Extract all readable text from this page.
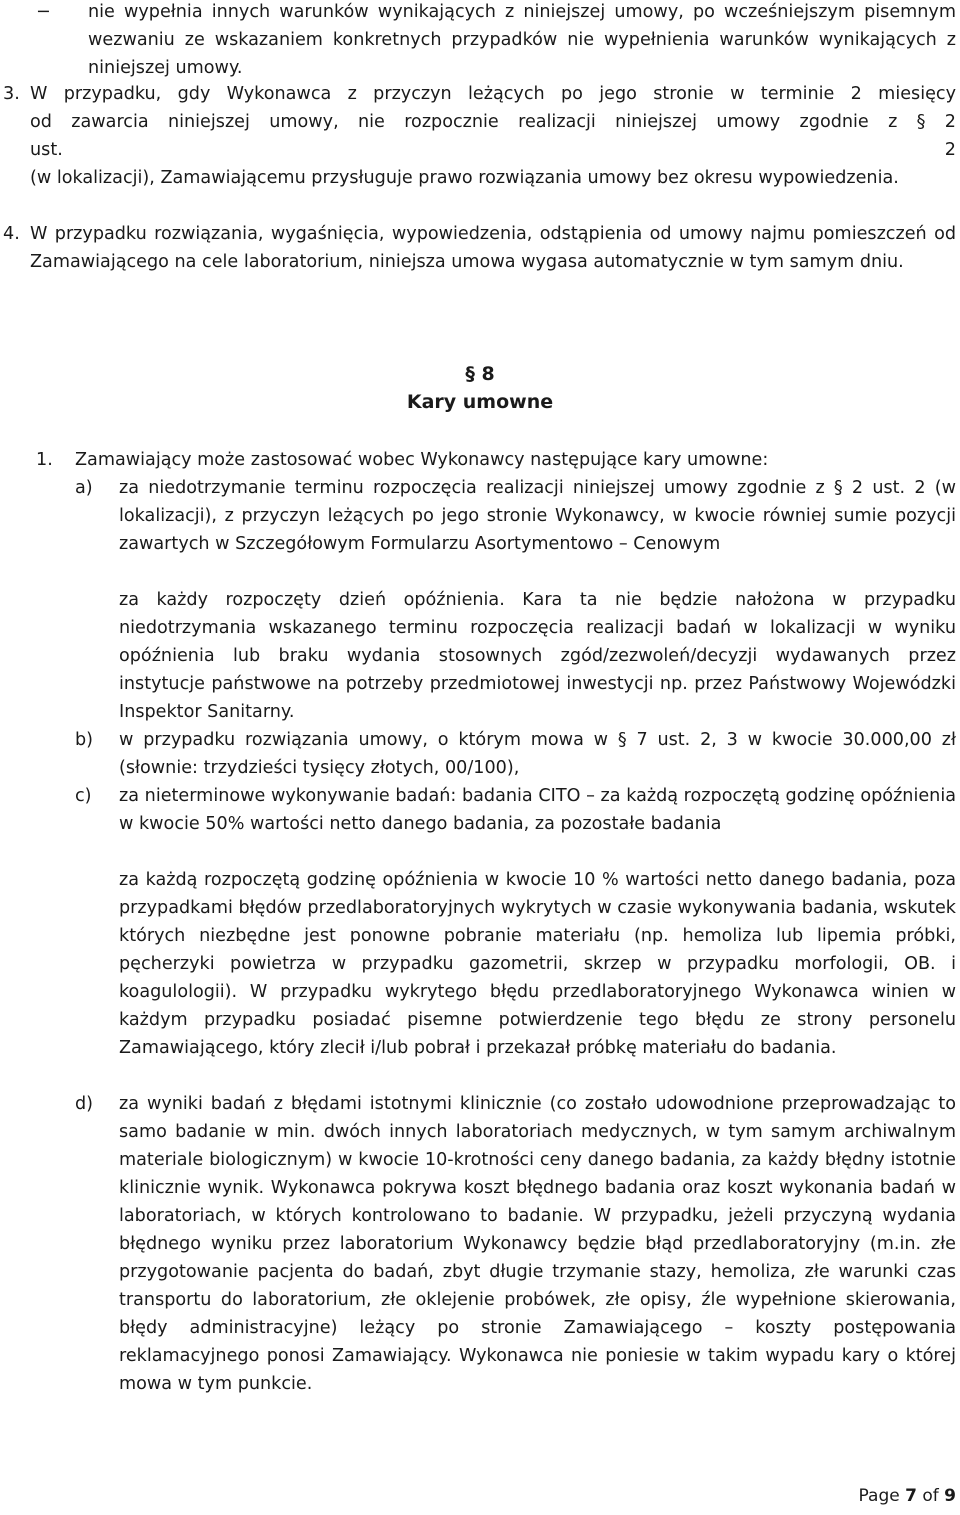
− nie wypełnia innych warunków wynikających z niniejszej umowy, po wcześniejszym pisemnym wezwaniu ze wskazaniem konkretnych przypadków nie wypełnienia warunków wynikających z niniejszej umowy.
3. W przypadku, gdy Wykonawca z przyczyn leżących po jego stronie w terminie 2 miesięcy
od zawarcia niniejszej umowy, nie rozpocznie realizacji niniejszej umowy zgodnie z § 2
ust. 2
(w lokalizacji), Zamawiającemu przysługuje prawo rozwiązania umowy bez okresu wypowiedzenia.
4. W przypadku rozwiązania, wygaśnięcia, wypowiedzenia, odstąpienia od umowy najmu pomieszczeń od Zamawiającego na cele laboratorium, niniejsza umowa wygasa automatycznie w tym samym dniu.
§ 8
Kary umowne
1. Zamawiający może zastosować wobec Wykonawcy następujące kary umowne:
a) za niedotrzymanie terminu rozpoczęcia realizacji niniejszej umowy zgodnie z § 2 ust. 2 (w lokalizacji), z przyczyn leżących po jego stronie Wykonawcy, w kwocie równiej sumie pozycji zawartych w Szczegółowym Formularzu Asortymentowo – Cenowym
za każdy rozpoczęty dzień opóźnienia. Kara ta nie będzie nałożona w przypadku niedotrzymania wskazanego terminu rozpoczęcia realizacji badań w lokalizacji w wyniku opóźnienia lub braku wydania stosownych zgód/zezwoleń/decyzji wydawanych przez instytucje państwowe na potrzeby przedmiotowej inwestycji np. przez Państwowy Wojewódzki Inspektor Sanitarny.
b) w przypadku rozwiązania umowy, o którym mowa w § 7 ust. 2, 3 w kwocie 30.000,00 zł (słownie: trzydzieści tysięcy złotych, 00/100),
c) za nieterminowe wykonywanie badań: badania CITO – za każdą rozpoczętą godzinę opóźnienia w kwocie 50% wartości netto danego badania, za pozostałe badania
za każdą rozpoczętą godzinę opóźnienia w kwocie 10 % wartości netto danego badania, poza przypadkami błędów przedlaboratoryjnych wykrytych w czasie wykonywania badania, wskutek których niezbędne jest ponowne pobranie materiału (np. hemoliza lub lipemia próbki, pęcherzyki powietrza w przypadku gazometrii, skrzep w przypadku morfologii, OB. i koagulologii). W przypadku wykrytego błędu przedlaboratoryjnego Wykonawca winien w każdym przypadku posiadać pisemne potwierdzenie tego błędu ze strony personelu Zamawiającego, który zlecił i/lub pobrał i przekazał próbkę materiału do badania.
d) za wyniki badań z błędami istotnymi klinicznie (co zostało udowodnione przeprowadzając to samo badanie w min. dwóch innych laboratoriach medycznych, w tym samym archiwalnym materiale biologicznym) w kwocie 10-krotności ceny danego badania, za każdy błędny istotnie klinicznie wynik. Wykonawca pokrywa koszt błędnego badania oraz koszt wykonania badań w laboratoriach, w których kontrolowano to badanie. W przypadku, jeżeli przyczyną wydania błędnego wyniku przez laboratorium Wykonawcy będzie błąd przedlaboratoryjny (m.in. złe przygotowanie pacjenta do badań, zbyt długie trzymanie stazy, hemoliza, złe warunki czas transportu do laboratorium, złe oklejenie probówek, złe opisy, źle wypełnione skierowania, błędy administracyjne) leżący po stronie Zamawiającego – koszty postępowania reklamacyjnego ponosi Zamawiający. Wykonawca nie poniesie w takim wypadu kary o której mowa w tym punkcie.
Page 7 of 9
